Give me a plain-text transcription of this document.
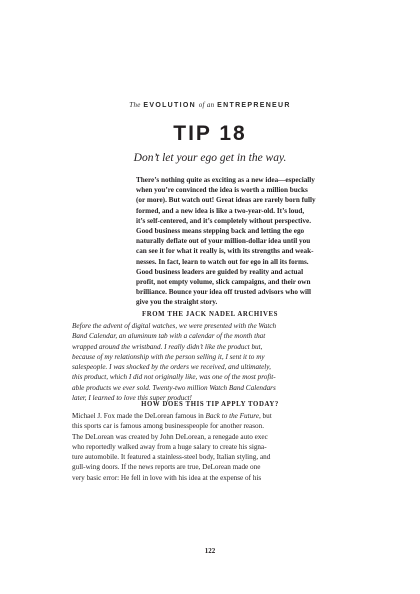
The EVOLUTION of an ENTREPRENEUR
TIP 18
Don’t let your ego get in the way.
There’s nothing quite as exciting as a new idea—especially
when you’re convinced the idea is worth a million bucks
(or more). But watch out! Great ideas are rarely born fully
formed, and a new idea is like a two-year-old. It’s loud,
it’s self-centered, and it’s completely without perspective.
Good business means stepping back and letting the ego
naturally deflate out of your million-dollar idea until you
can see it for what it really is, with its strengths and weak-
nesses. In fact, learn to watch out for ego in all its forms.
Good business leaders are guided by reality and actual
profit, not empty volume, slick campaigns, and their own
brilliance. Bounce your idea off trusted advisors who will
give you the straight story.
FROM THE JACK NADEL ARCHIVES
Before the advent of digital watches, we were presented with the Watch
Band Calendar, an aluminum tab with a calendar of the month that
wrapped around the wristband. I really didn’t like the product but,
because of my relationship with the person selling it, I sent it to my
salespeople. I was shocked by the orders we received, and ultimately,
this product, which I did not originally like, was one of the most profit-
able products we ever sold. Twenty-two million Watch Band Calendars
later, I learned to love this super product!
HOW DOES THIS TIP APPLY TODAY?
Michael J. Fox made the DeLorean famous in Back to the Future, but
this sports car is famous among businesspeople for another reason.
The DeLorean was created by John DeLorean, a renegade auto exec
who reportedly walked away from a huge salary to create his signa-
ture automobile. It featured a stainless-steel body, Italian styling, and
gull-wing doors. If the news reports are true, DeLorean made one
very basic error: He fell in love with his idea at the expense of his
122
